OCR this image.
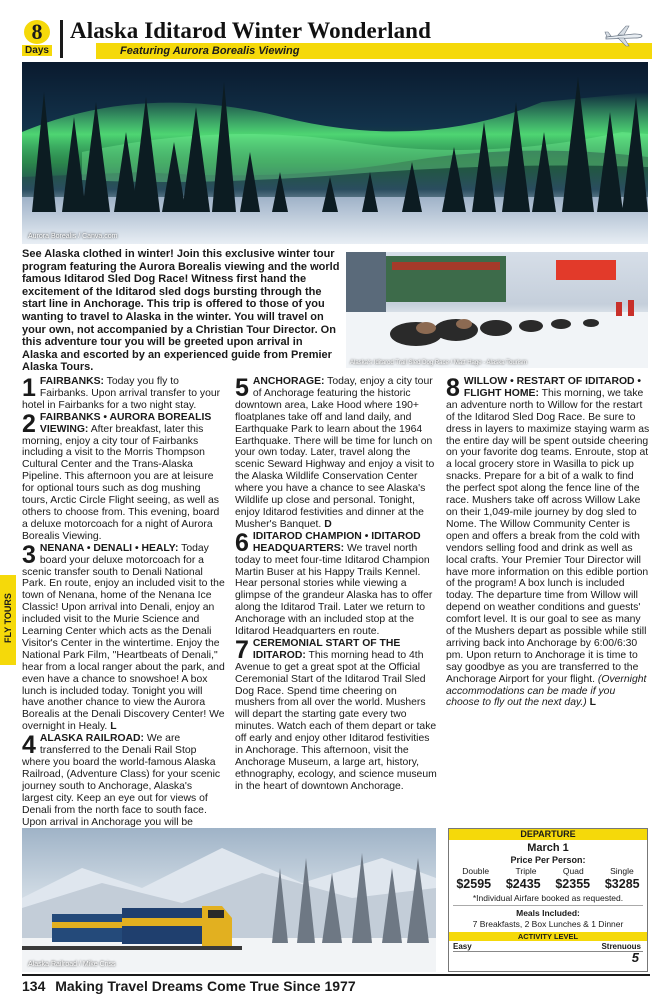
8
Days
Alaska Iditarod Winter Wonderland
Featuring Aurora Borealis Viewing
Aurora Borealis / Canva.com
See Alaska clothed in winter! Join this exclusive winter tour program featuring the Aurora Borealis viewing and the world famous Iditarod Sled Dog Race! Witness first hand the excitement of the Iditarod sled dogs bursting through the start line in Anchorage. This trip is offered to those of you wanting to travel to Alaska in the winter. You will travel on your own, not accompanied by a Christian Tour Director. On this adventure tour you will be greeted upon arrival in Alaska and escorted by an experienced guide from Premier Alaska Tours.	Alaska's Iditarod Trail Sled Dog Race / Matt Hage - Alaska Tourism

1 FAIRBANKS: Today you fly to Fairbanks. Upon arrival transfer to your hotel in Fairbanks for a two night stay.

2 FAIRBANKS • AURORA BOREALIS VIEWING: After breakfast, later this morning, enjoy a city tour of Fairbanks including a visit to the Morris Thompson Cultural Center and the Trans-Alaska Pipeline. This afternoon you are at leisure for optional tours such as dog mushing tours, Arctic Circle Flight seeing, as well as others to choose from. This evening, board a deluxe motorcoach for a night of Aurora Borealis Viewing.

3 NENANA • DENALI • HEALY: Today board your deluxe motorcoach for a scenic transfer south to Denali National Park. En route, enjoy an included visit to the town of Nenana, home of the Nenana Ice Classic! Upon arrival into Denali, enjoy an included visit to the Murie Science and Learning Center which acts as the Denali Visitor's Center in the wintertime. Enjoy the National Park Film, "Heartbeats of Denali," hear from a local ranger about the park, and even have a chance to snowshoe! A box lunch is included today. Tonight you will have another chance to view the Aurora Borealis at the Denali Discovery Center! We overnight in Healy. L

4 ALASKA RAILROAD: We are transferred to the Denali Rail Stop where you board the world-famous Alaska Railroad, (Adventure Class) for your scenic journey south to Anchorage, Alaska's largest city. Keep an eye out for views of Denali from the north face to south face. Upon arrival in Anchorage you will be

5 ANCHORAGE: Today, enjoy a city tour of Anchorage featuring the historic downtown area, Lake Hood where 190+ floatplanes take off and land daily, and Earthquake Park to learn about the 1964 Earthquake. There will be time for lunch on your own today. Later, travel along the scenic Seward Highway and enjoy a visit to the Alaska Wildlife Conservation Center where you have a chance to see Alaska's Wildlife up close and personal. Tonight, enjoy Iditarod festivities and dinner at the Musher's Banquet. D

6 IDITAROD CHAMPION • IDITAROD HEADQUARTERS: We travel north today to meet four-time Iditarod Champion Martin Buser at his Happy Trails Kennel. Hear personal stories while viewing a glimpse of the grandeur Alaska has to offer along the Iditarod Trail. Later we return to Anchorage with an included stop at the Iditarod Headquarters en route.

7 CEREMONIAL START OF THE IDITAROD: This morning head to 4th Avenue to get a great spot at the Official Ceremonial Start of the Iditarod Trail Sled Dog Race. Spend time cheering on mushers from all over the world. Mushers will depart the starting gate every two minutes. Watch each of them depart or take off early and enjoy other Iditarod festivities in Anchorage. This afternoon, visit the Anchorage Museum, a large art, history, ethnography, ecology, and science museum in the heart of downtown Anchorage.

8 WILLOW • RESTART OF IDITAROD • FLIGHT HOME: This morning, we take an adventure north to Willow for the restart of the Iditarod Sled Dog Race. Be sure to dress in layers to maximize staying warm as the entire day will be spent outside cheering on your favorite dog teams. Enroute, stop at a local grocery store in Wasilla to pick up snacks. Prepare for a bit of a walk to find the perfect spot along the fence line of the race. Mushers take off across Willow Lake on their 1,049-mile journey by dog sled to Nome. The Willow Community Center is open and offers a break from the cold with vendors selling food and drink as well as local crafts. Your Premier Tour Director will have more information on this edible portion of the program! A box lunch is included today. The departure time from Willow will depend on weather conditions and guests' comfort level. It is our goal to see as many of the Mushers depart as possible while still arriving back into Anchorage by 6:00/6:30 pm. Upon return to Anchorage it is time to say goodbye as you are transferred to the Anchorage Airport for your flight. (Overnight accommodations can be made if you choose to fly out the next day.) L

Alaska Railroad / Mike Criss
DEPARTURE
March 1
Price Per Person:
Double	Triple	Quad	Single
$2595 $2435 $2355 $3285
*Individual Airfare booked as requested.
Meals Included:
7 Breakfasts, 2 Box Lunches & 1 Dinner
ACTIVITY LEVEL
Easy	Strenuous
5
FLY TOURS
134 Making Travel Dreams Come True Since 1977
